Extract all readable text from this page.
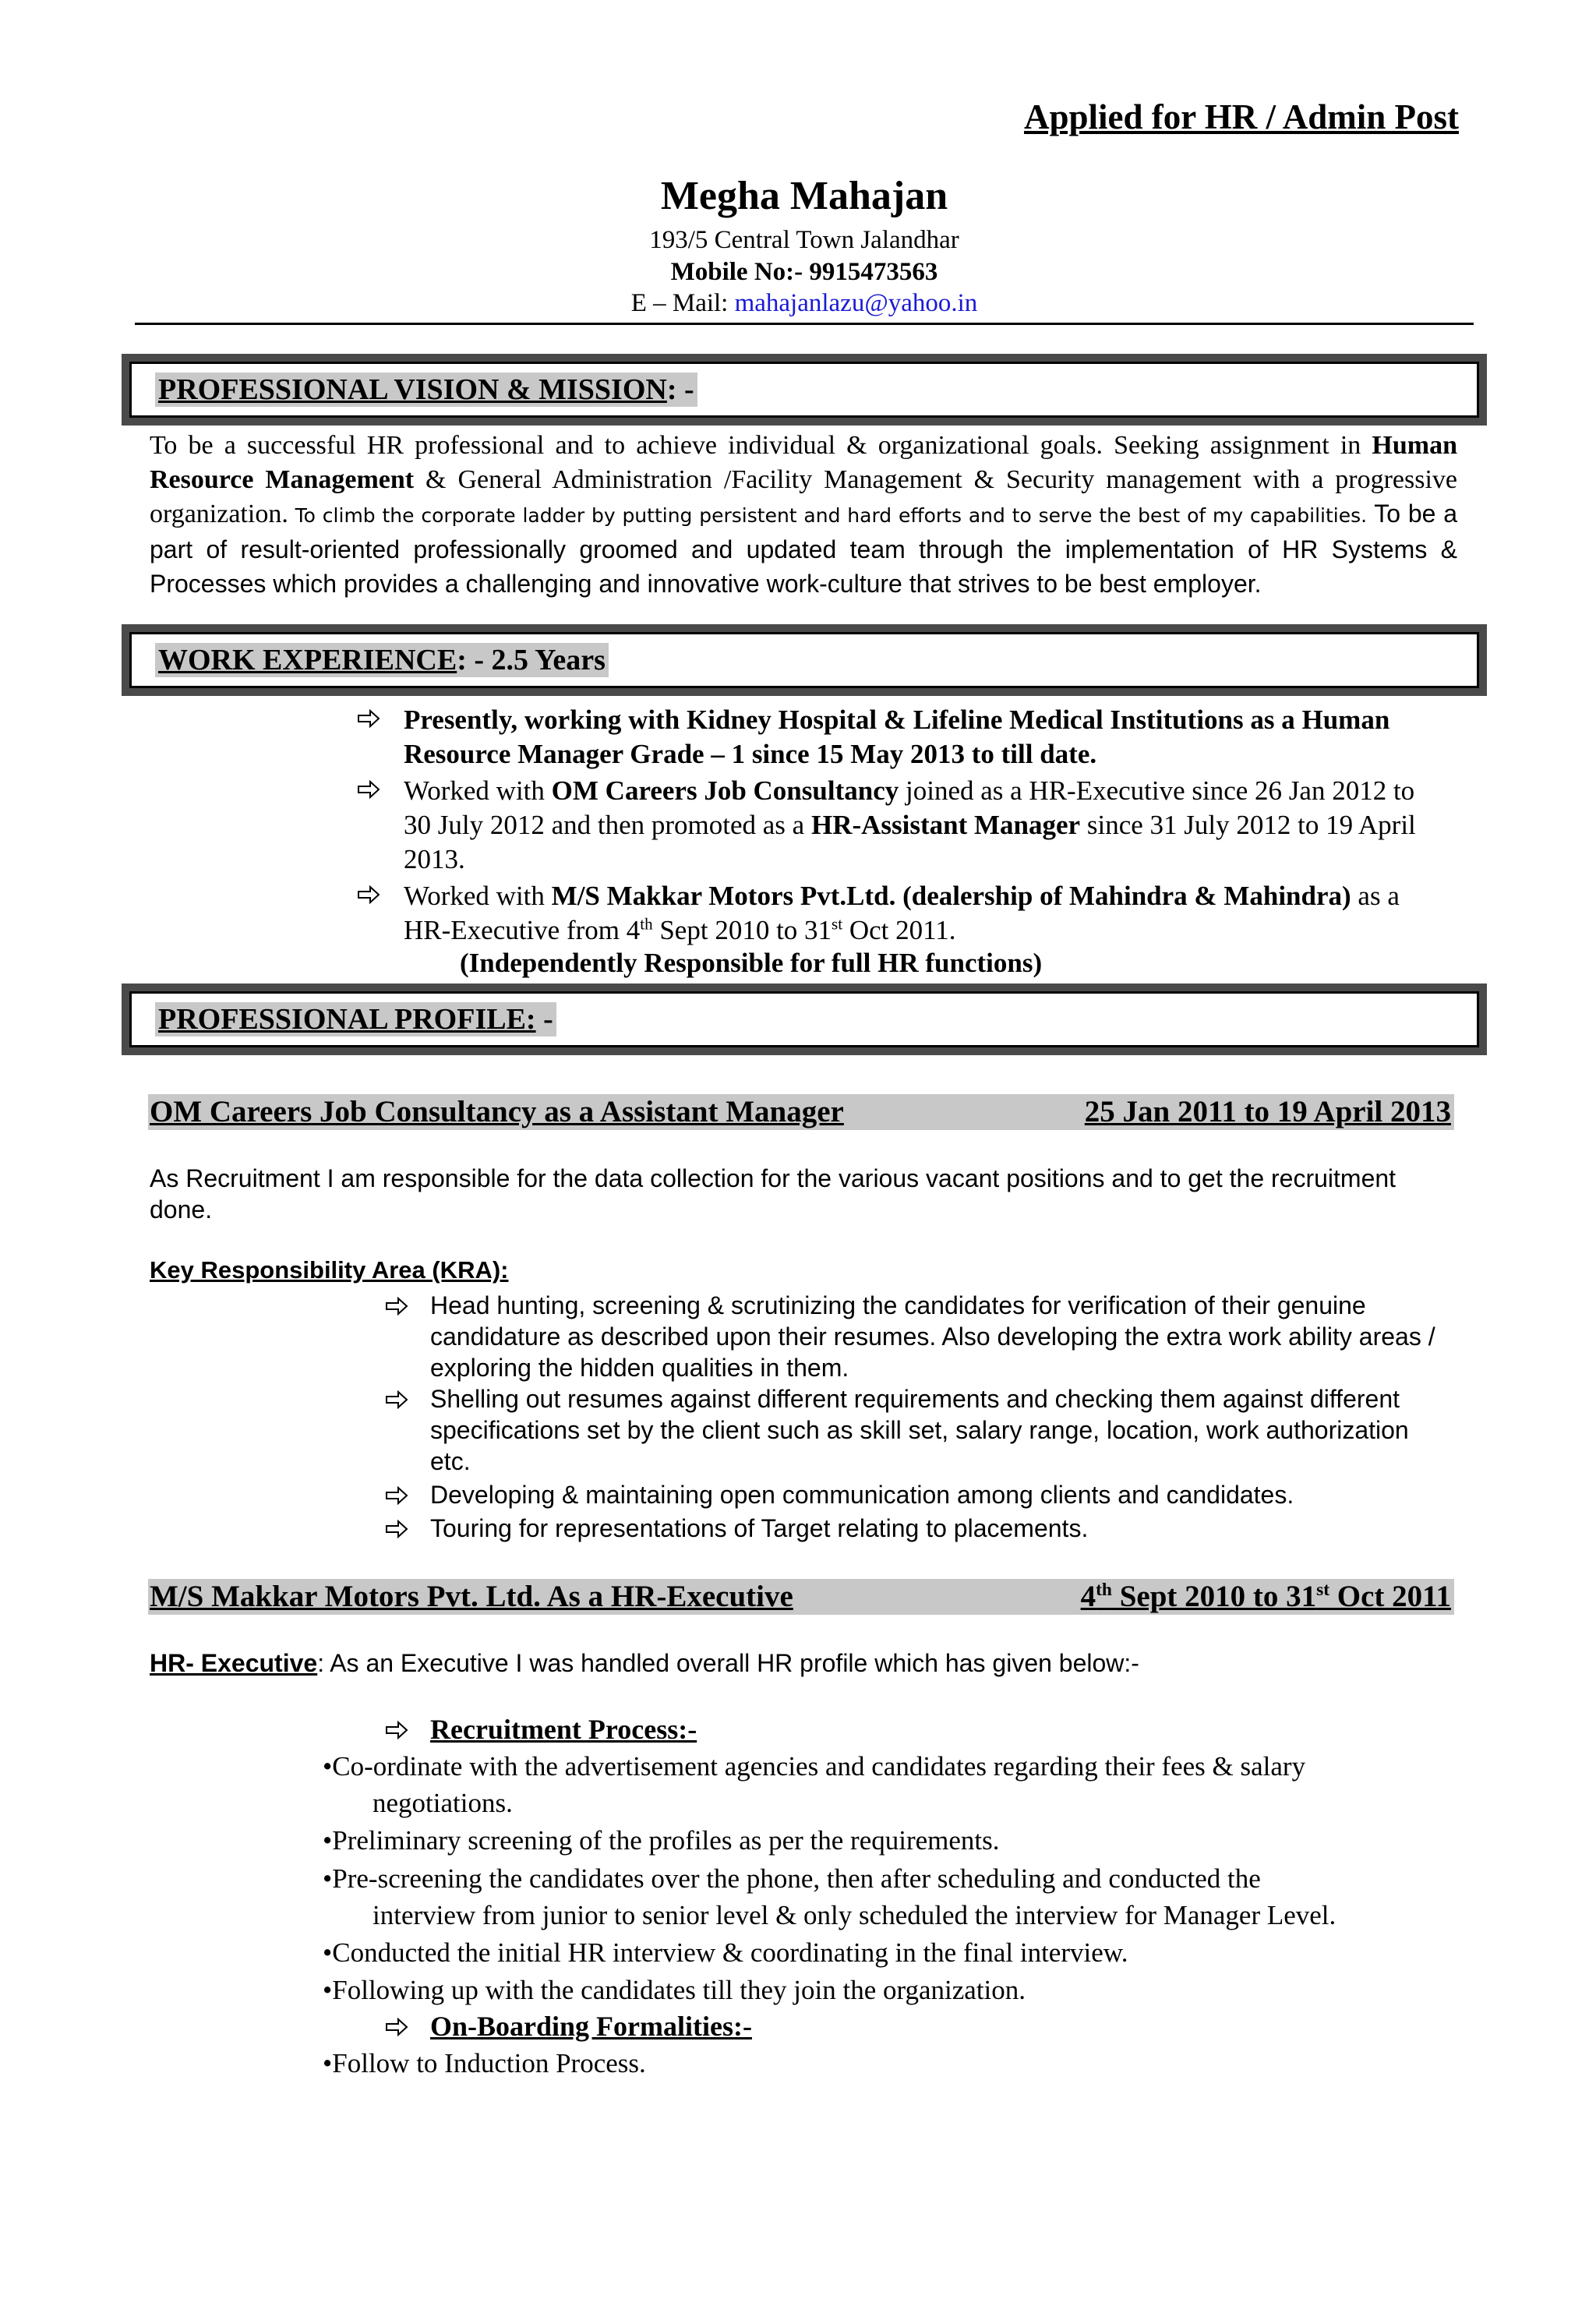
Applied for HR / Admin Post
Megha Mahajan
193/5 Central Town Jalandhar
Mobile No:- 9915473563
E – Mail: mahajanlazu@yahoo.in
PROFESSIONAL VISION & MISSION: -
To be a successful HR professional and to achieve individual & organizational goals. Seeking assignment in Human Resource Management & General Administration /Facility Management & Security management with a progressive organization. To climb the corporate ladder by putting persistent and hard efforts and to serve the best of my capabilities. To be a part of result-oriented professionally groomed and updated team through the implementation of HR Systems & Processes which provides a challenging and innovative work-culture that strives to be best employer.
WORK EXPERIENCE: - 2.5 Years
Presently, working with Kidney Hospital & Lifeline Medical Institutions as a Human Resource Manager Grade – 1 since 15 May 2013 to till date.
Worked with OM Careers Job Consultancy joined as a HR-Executive since 26 Jan 2012 to 30 July 2012 and then promoted as a HR-Assistant Manager since 31 July 2012 to 19 April 2013.
Worked with M/S Makkar Motors Pvt.Ltd. (dealership of Mahindra & Mahindra) as a HR-Executive from 4th Sept 2010 to 31st Oct 2011.
(Independently Responsible for full HR functions)
PROFESSIONAL PROFILE: -
OM Careers Job Consultancy as a Assistant Manager	25 Jan 2011 to 19 April 2013
As Recruitment I am responsible for the data collection for the various vacant positions and to get the recruitment done.
Key Responsibility Area (KRA):
Head hunting, screening & scrutinizing the candidates for verification of their genuine candidature as described upon their resumes. Also developing the extra work ability areas / exploring the hidden qualities in them.
Shelling out resumes against different requirements and checking them against different specifications set by the client such as skill set, salary range, location, work authorization etc.
Developing & maintaining open communication among clients and candidates.
Touring for representations of Target relating to placements.
M/S Makkar Motors Pvt. Ltd. As a HR-Executive	4th Sept 2010 to 31st Oct 2011
HR- Executive: As an Executive I was handled overall HR profile which has given below:-
Recruitment Process:-
•Co-ordinate with the advertisement agencies and candidates regarding their fees & salary
negotiations.
•Preliminary screening of the profiles as per the requirements.
•Pre-screening the candidates over the phone, then after scheduling and conducted the
interview from junior to senior level & only scheduled the interview for Manager Level.
•Conducted the initial HR interview & coordinating in the final interview.
•Following up with the candidates till they join the organization.
On-Boarding Formalities:-
•Follow to Induction Process.
